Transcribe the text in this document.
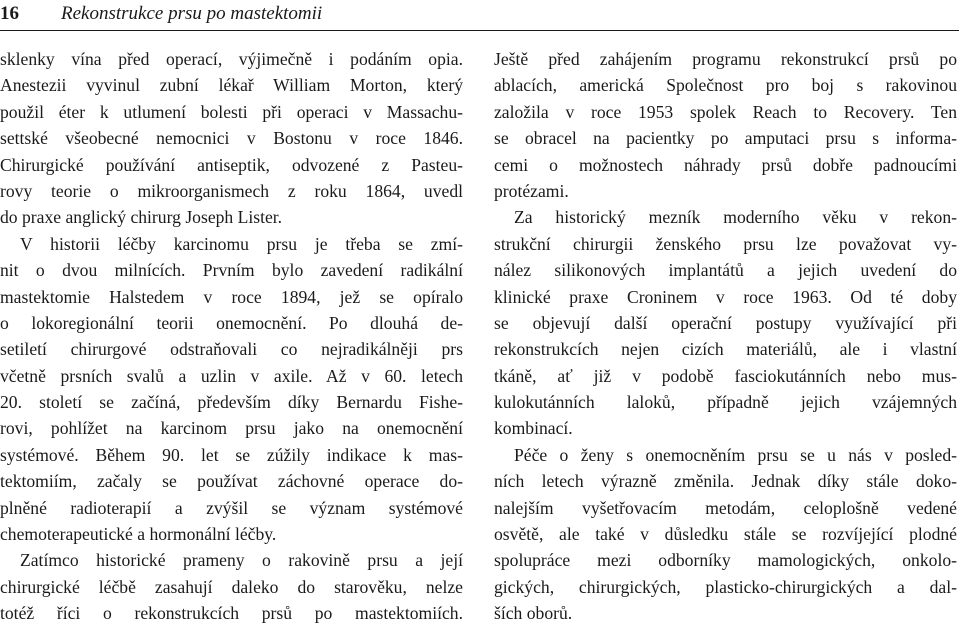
16 Rekonstrukce prsu po mastektomii
sklenky vína před operací, výjimečně i podáním opia.
Anestezii vyvinul zubní lékař William Morton, který
použil éter k utlumení bolesti při operaci v Massachu-
settské všeobecné nemocnici v Bostonu v roce 1846.
Chirurgické používání antiseptik, odvozené z Pasteu-
rovy teorie o mikroorganismech z roku 1864, uvedl
do praxe anglický chirurg Joseph Lister.
V historii léčby karcinomu prsu je třeba se zmí-
nit o dvou milnících. Prvním bylo zavedení radikální
mastektomie Halstedem v roce 1894, jež se opíralo
o lokoregionální teorii onemocnění. Po dlouhá de-
setiletí chirurgové odstraňovali co nejradikálněji prs
včetně prsních svalů a uzlin v axile. Až v 60. letech
20. století se začíná, především díky Bernardu Fishe-
rovi, pohlížet na karcinom prsu jako na onemocnění
systémové. Během 90. let se zúžily indikace k mas-
tektomiím, začaly se používat záchovné operace do-
plněné radioterapií a zvýšil se význam systémové
chemoterapeutické a hormonální léčby.
Zatímco historické prameny o rakovině prsu a její
chirurgické léčbě zasahují daleko do starověku, nelze
totéž říci o rekonstrukcích prsů po mastektomiích.
Ještě před zahájením programu rekonstrukcí prsů po
ablacích, americká Společnost pro boj s rakovinou
založila v roce 1953 spolek Reach to Recovery. Ten
se obracel na pacientky po amputaci prsu s informa-
cemi o možnostech náhrady prsů dobře padnoucími
protézami.
Za historický mezník moderního věku v rekon-
strukční chirurgii ženského prsu lze považovat vy-
nález silikonových implantátů a jejich uvedení do
klinické praxe Croninem v roce 1963. Od té doby
se objevují další operační postupy využívající při
rekonstrukcích nejen cizích materiálů, ale i vlastní
tkáně, ať již v podobě fasciokutánních nebo mus-
kulokutánních laloků, případně jejich vzájemných
kombinací.
Péče o ženy s onemocněním prsu se u nás v posled-
ních letech výrazně změnila. Jednak díky stále doko-
nalejším vyšetřovacím metodám, celoplošně vedené
osvětě, ale také v důsledku stále se rozvíjející plodné
spolupráce mezi odborníky mamologických, onkolo-
gických, chirurgických, plasticko-chirurgických a dal-
ších oborů.
